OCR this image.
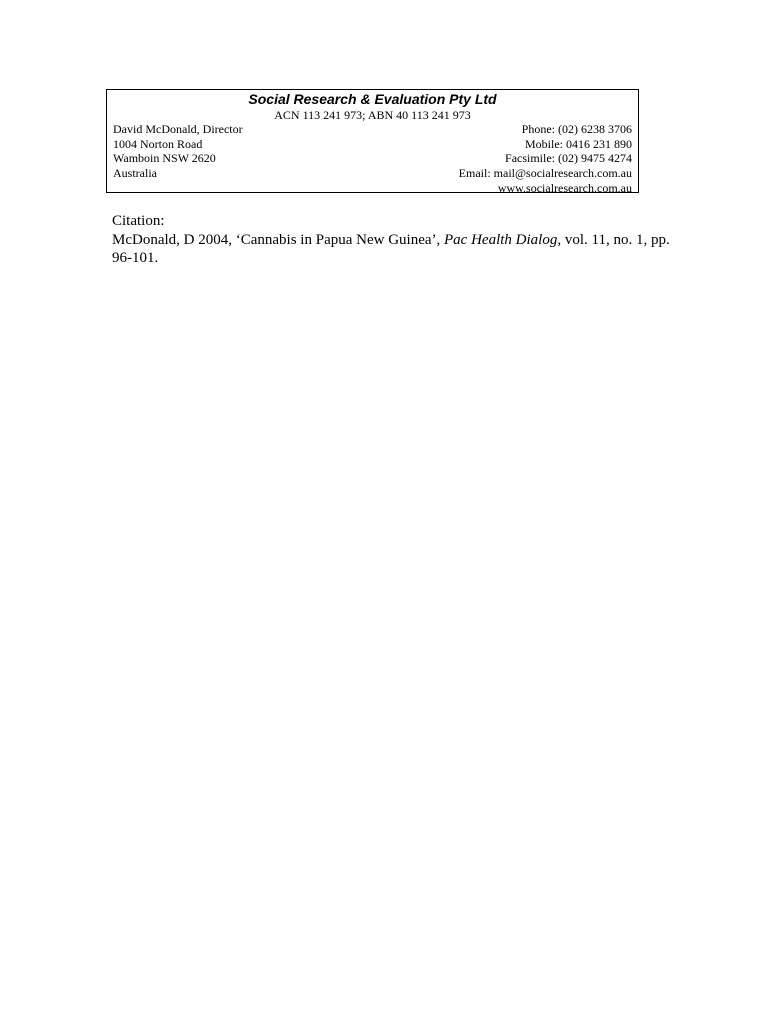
Social Research & Evaluation Pty Ltd
ACN 113 241 973; ABN 40 113 241 973
David McDonald, Director
1004 Norton Road
Wamboin NSW 2620
Australia
Phone: (02) 6238 3706
Mobile: 0416 231 890
Facsimile: (02) 9475 4274
Email: mail@socialresearch.com.au
www.socialresearch.com.au
Citation:
McDonald, D 2004, ‘Cannabis in Papua New Guinea’, Pac Health Dialog, vol. 11, no. 1, pp. 96-101.
